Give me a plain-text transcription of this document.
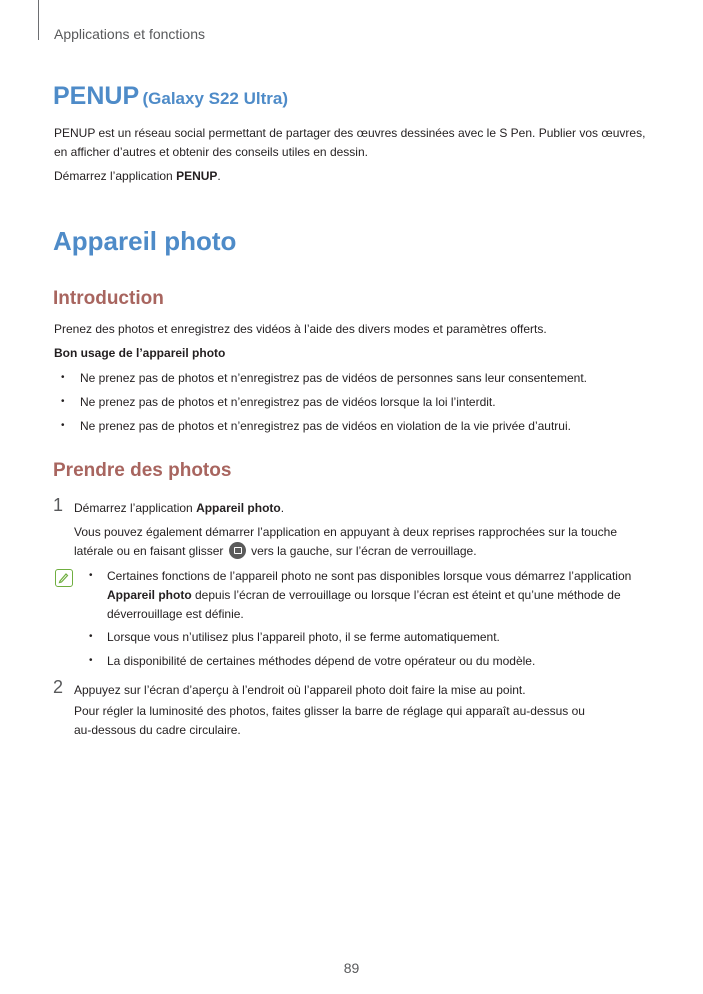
Applications et fonctions
PENUP (Galaxy S22 Ultra)
PENUP est un réseau social permettant de partager des œuvres dessinées avec le S Pen. Publier vos œuvres,
en afficher d’autres et obtenir des conseils utiles en dessin.
Démarrez l’application PENUP.
Appareil photo
Introduction
Prenez des photos et enregistrez des vidéos à l’aide des divers modes et paramètres offerts.
Bon usage de l’appareil photo
• Ne prenez pas de photos et n’enregistrez pas de vidéos de personnes sans leur consentement.
• Ne prenez pas de photos et n’enregistrez pas de vidéos lorsque la loi l’interdit.
• Ne prenez pas de photos et n’enregistrez pas de vidéos en violation de la vie privée d’autrui.
Prendre des photos
1 Démarrez l’application Appareil photo.
Vous pouvez également démarrer l’application en appuyant à deux reprises rapprochées sur la touche
latérale ou en faisant glisser  vers la gauche, sur l’écran de verrouillage.
• Certaines fonctions de l’appareil photo ne sont pas disponibles lorsque vous démarrez l’application
Appareil photo depuis l’écran de verrouillage ou lorsque l’écran est éteint et qu’une méthode de
déverrouillage est définie.
• Lorsque vous n’utilisez plus l’appareil photo, il se ferme automatiquement.
• La disponibilité de certaines méthodes dépend de votre opérateur ou du modèle.
2 Appuyez sur l’écran d’aperçu à l’endroit où l’appareil photo doit faire la mise au point.
Pour régler la luminosité des photos, faites glisser la barre de réglage qui apparaît au-dessus ou
au-dessous du cadre circulaire.
89
